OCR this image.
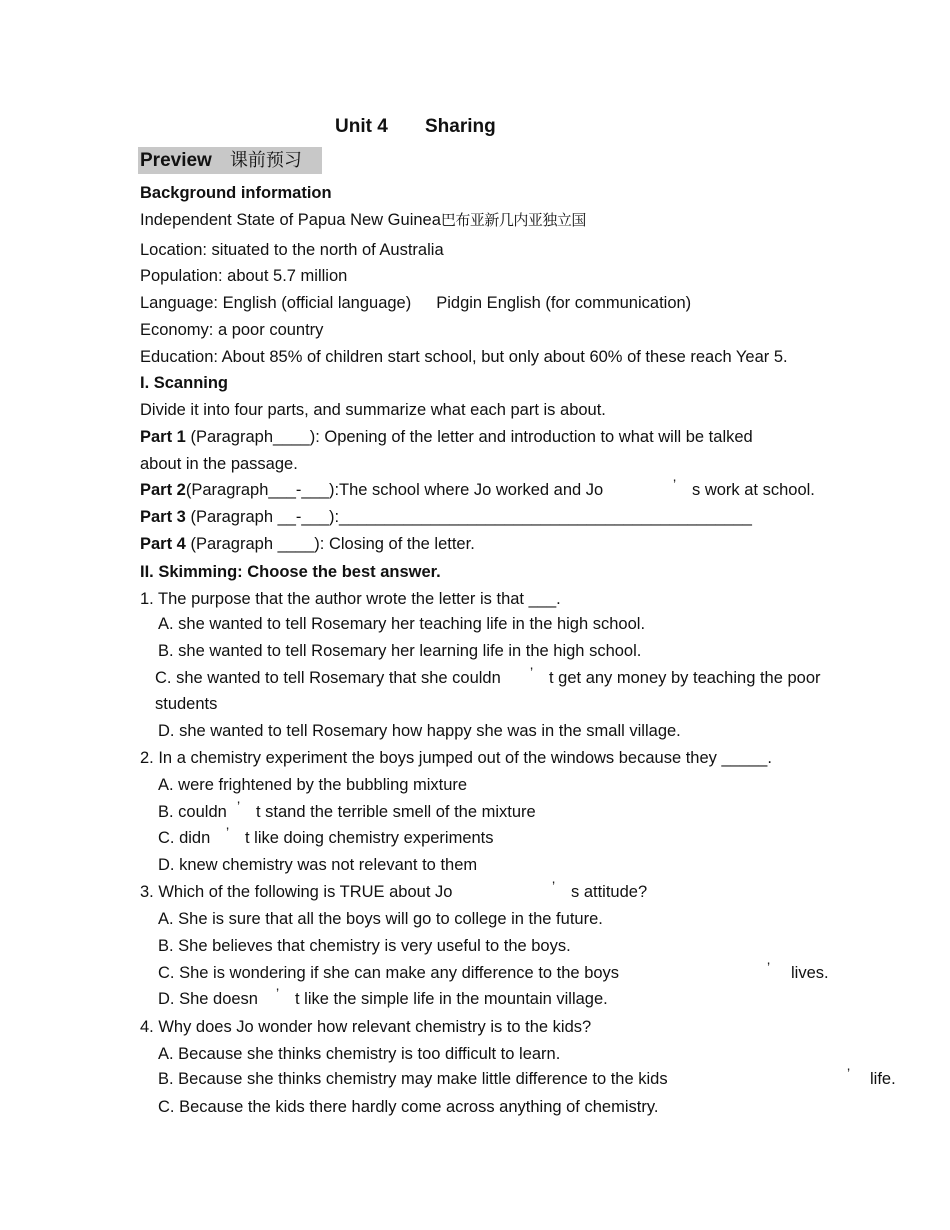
Unit 4 Sharing
Preview 课前预习
Background information
Independent State of Papua New Guinea巴布亚新几内亚独立国
Location: situated to the north of Australia
Population: about 5.7 million
Language: English (official language) Pidgin English (for communication)
Economy: a poor country
Education: About 85% of children start school, but only about 60% of these reach Year 5.
I. Scanning
Divide it into four parts, and summarize what each part is about.
Part 1 (Paragraph____): Opening of the letter and introduction to what will be talked
about in the passage.
Part 2(Paragraph___-___):The school where Jo worked and Jo	’ s work at school.
Part 3 (Paragraph __-___):_____________________________________________
Part 4 (Paragraph ____): Closing of the letter.
II. Skimming: Choose the best answer.
1. The purpose that the author wrote the letter is that ___.
A. she wanted to tell Rosemary her teaching life in the high school.
B. she wanted to tell Rosemary her learning life in the high school.
C. she wanted to tell Rosemary that she couldn ’ t get any money by teaching the poor
students
D. she wanted to tell Rosemary how happy she was in the small village.
2. In a chemistry experiment the boys jumped out of the windows because they _____.
A. were frightened by the bubbling mixture
B. couldn ’ t stand the terrible smell of the mixture
C. didn ’ t like doing chemistry experiments
D. knew chemistry was not relevant to them
3. Which of the following is TRUE about Jo	’ s attitude?
A. She is sure that all the boys will go to college in the future.
B. She believes that chemistry is very useful to the boys.
C. She is wondering if she can make any difference to the boys	’ lives.
D. She doesn ’ t like the simple life in the mountain village.
4. Why does Jo wonder how relevant chemistry is to the kids?
A. Because she thinks chemistry is too difficult to learn.
B. Because she thinks chemistry may make little difference to the kids	’ life.
C. Because the kids there hardly come across anything of chemistry.
